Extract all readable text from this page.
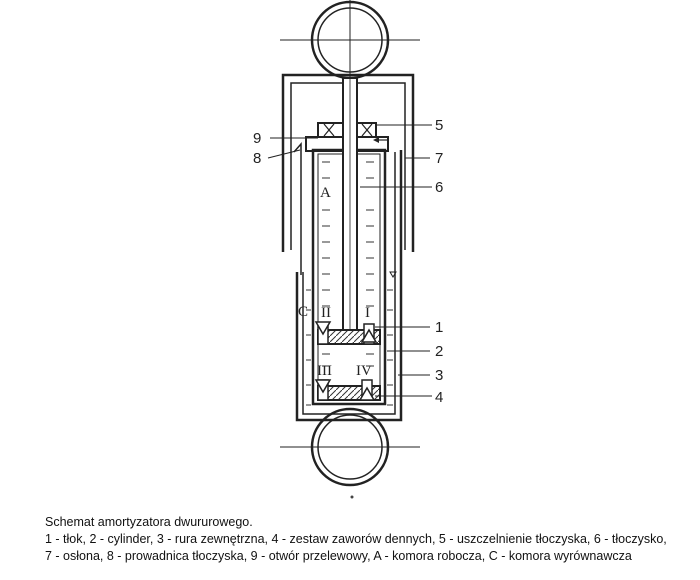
9
8
5
7
6
1
2
3
4
A
C II I
III IV
Schemat amortyzatora dwururowego.
1 - tłok, 2 - cylinder, 3 - rura zewnętrzna, 4 - zestaw zaworów dennych, 5 - uszczelnienie tłoczyska, 6 - tłoczysko,
7 - osłona, 8 - prowadnica tłoczyska, 9 - otwór przelewowy, A - komora robocza, C - komora wyrównawcza
